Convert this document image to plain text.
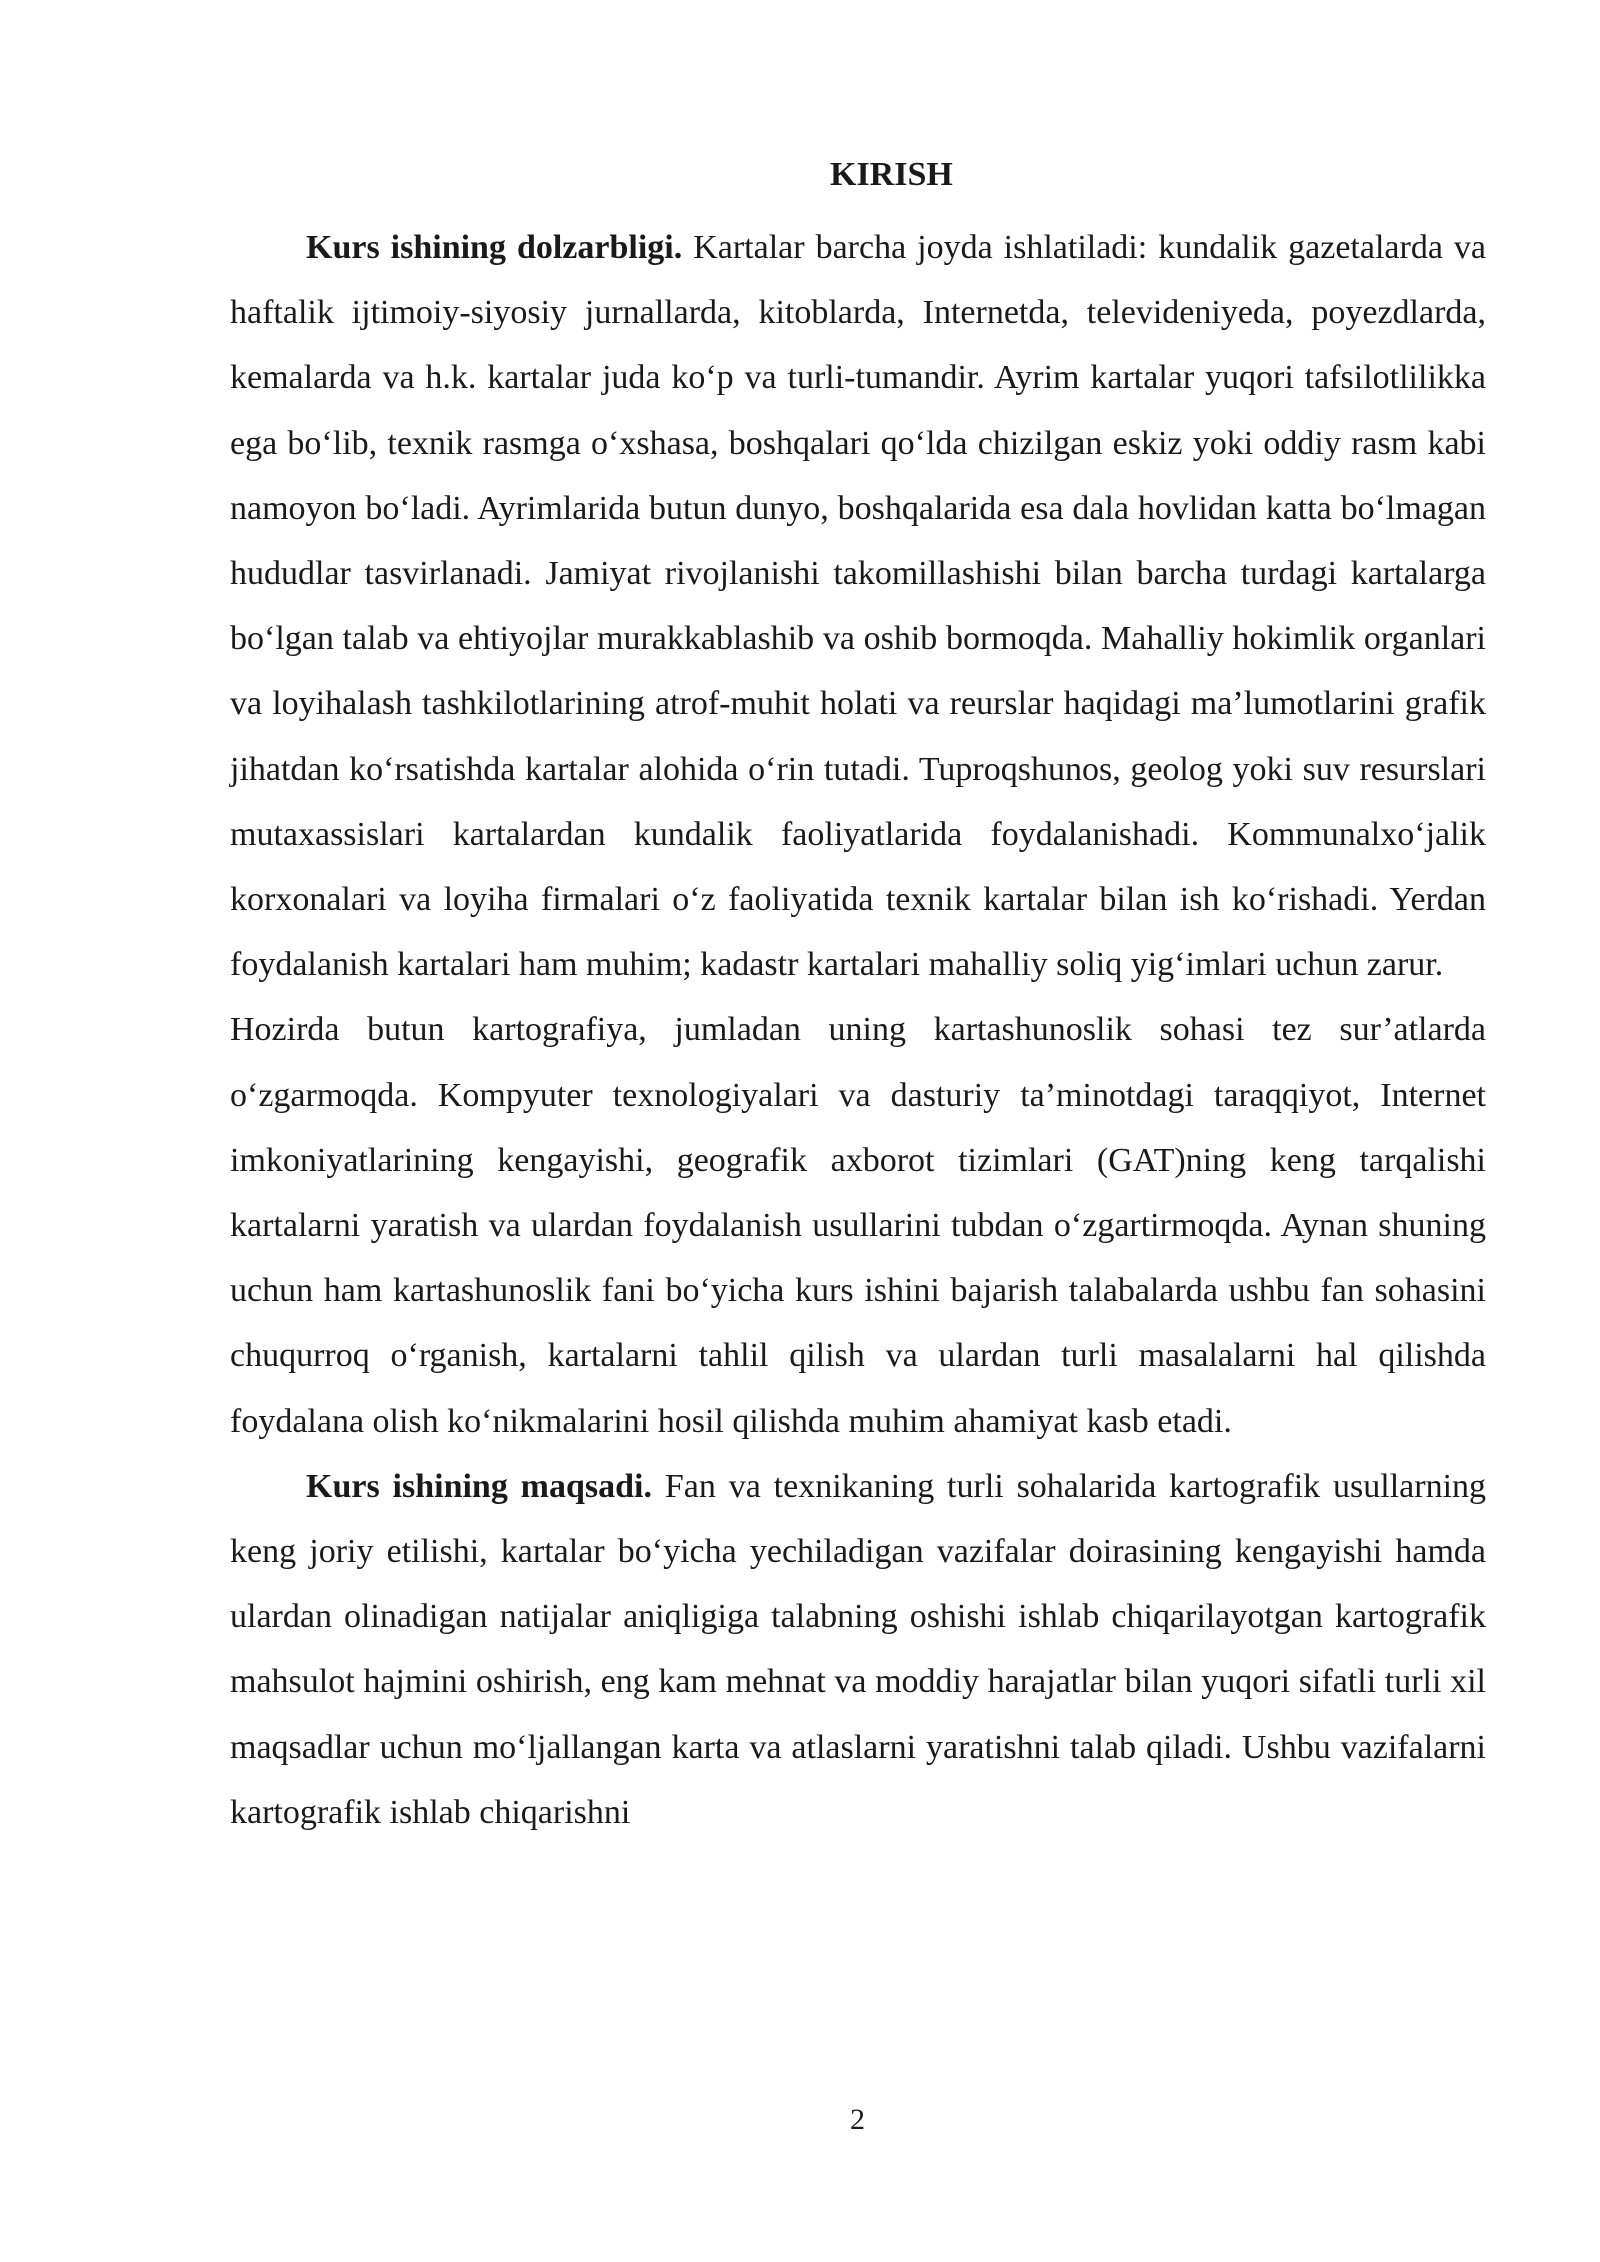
KIRISH

Kurs ishining dolzarbligi. Kartalar barcha joyda ishlatiladi: kundalik gazetalarda va haftalik ijtimoiy-siyosiy jurnallarda, kitoblarda, Internetda, televideniyeda, poyezdlarda, kemalarda va h.k. kartalar juda ko‘p va turli-tumandir. Ayrim kartalar yuqori tafsilotlilikka ega bo‘lib, texnik rasmga o‘xshasa, boshqalari qo‘lda chizilgan eskiz yoki oddiy rasm kabi namoyon bo‘ladi. Ayrimlarida butun dunyo, boshqalarida esa dala hovlidan katta bo‘lmagan hududlar tasvirlanadi. Jamiyat rivojlanishi takomillashishi bilan barcha turdagi kartalarga bo‘lgan talab va ehtiyojlar murakkablashib va oshib bormoqda. Mahalliy hokimlik organlari va loyihalash tashkilotlarining atrof-muhit holati va reurslar haqidagi ma’lumotlarini grafik jihatdan ko‘rsatishda kartalar alohida o‘rin tutadi. Tuproqshunos, geolog yoki suv resurslari mutaxassislari kartalardan kundalik faoliyatlarida foydalanishadi. Kommunalxo‘jalik korxonalari va loyiha firmalari o‘z faoliyatida texnik kartalar bilan ish ko‘rishadi. Yerdan foydalanish kartalari ham muhim; kadastr kartalari mahalliy soliq yig‘imlari uchun zarur.

Hozirda butun kartografiya, jumladan uning kartashunoslik sohasi tez sur’atlarda o‘zgarmoqda. Kompyuter texnologiyalari va dasturiy ta’minotdagi taraqqiyot, Internet imkoniyatlarining kengayishi, geografik axborot tizimlari (GAT)ning keng tarqalishi kartalarni yaratish va ulardan foydalanish usullarini tubdan o‘zgartirmoqda. Aynan shuning uchun ham kartashunoslik fani bo‘yicha kurs ishini bajarish talabalarda ushbu fan sohasini chuqurroq o‘rganish, kartalarni tahlil qilish va ulardan turli masalalarni hal qilishda foydalana olish ko‘nikmalarini hosil qilishda muhim ahamiyat kasb etadi.

Kurs ishining maqsadi. Fan va texnikaning turli sohalarida kartografik usullarning keng joriy etilishi, kartalar bo‘yicha yechiladigan vazifalar doirasining kengayishi hamda ulardan olinadigan natijalar aniqligiga talabning oshishi ishlab chiqarilayotgan kartografik mahsulot hajmini oshirish, eng kam mehnat va moddiy harajatlar bilan yuqori sifatli turli xil maqsadlar uchun mo‘ljallangan karta va atlaslarni yaratishni talab qiladi. Ushbu vazifalarni kartografik ishlab chiqarishni

2
